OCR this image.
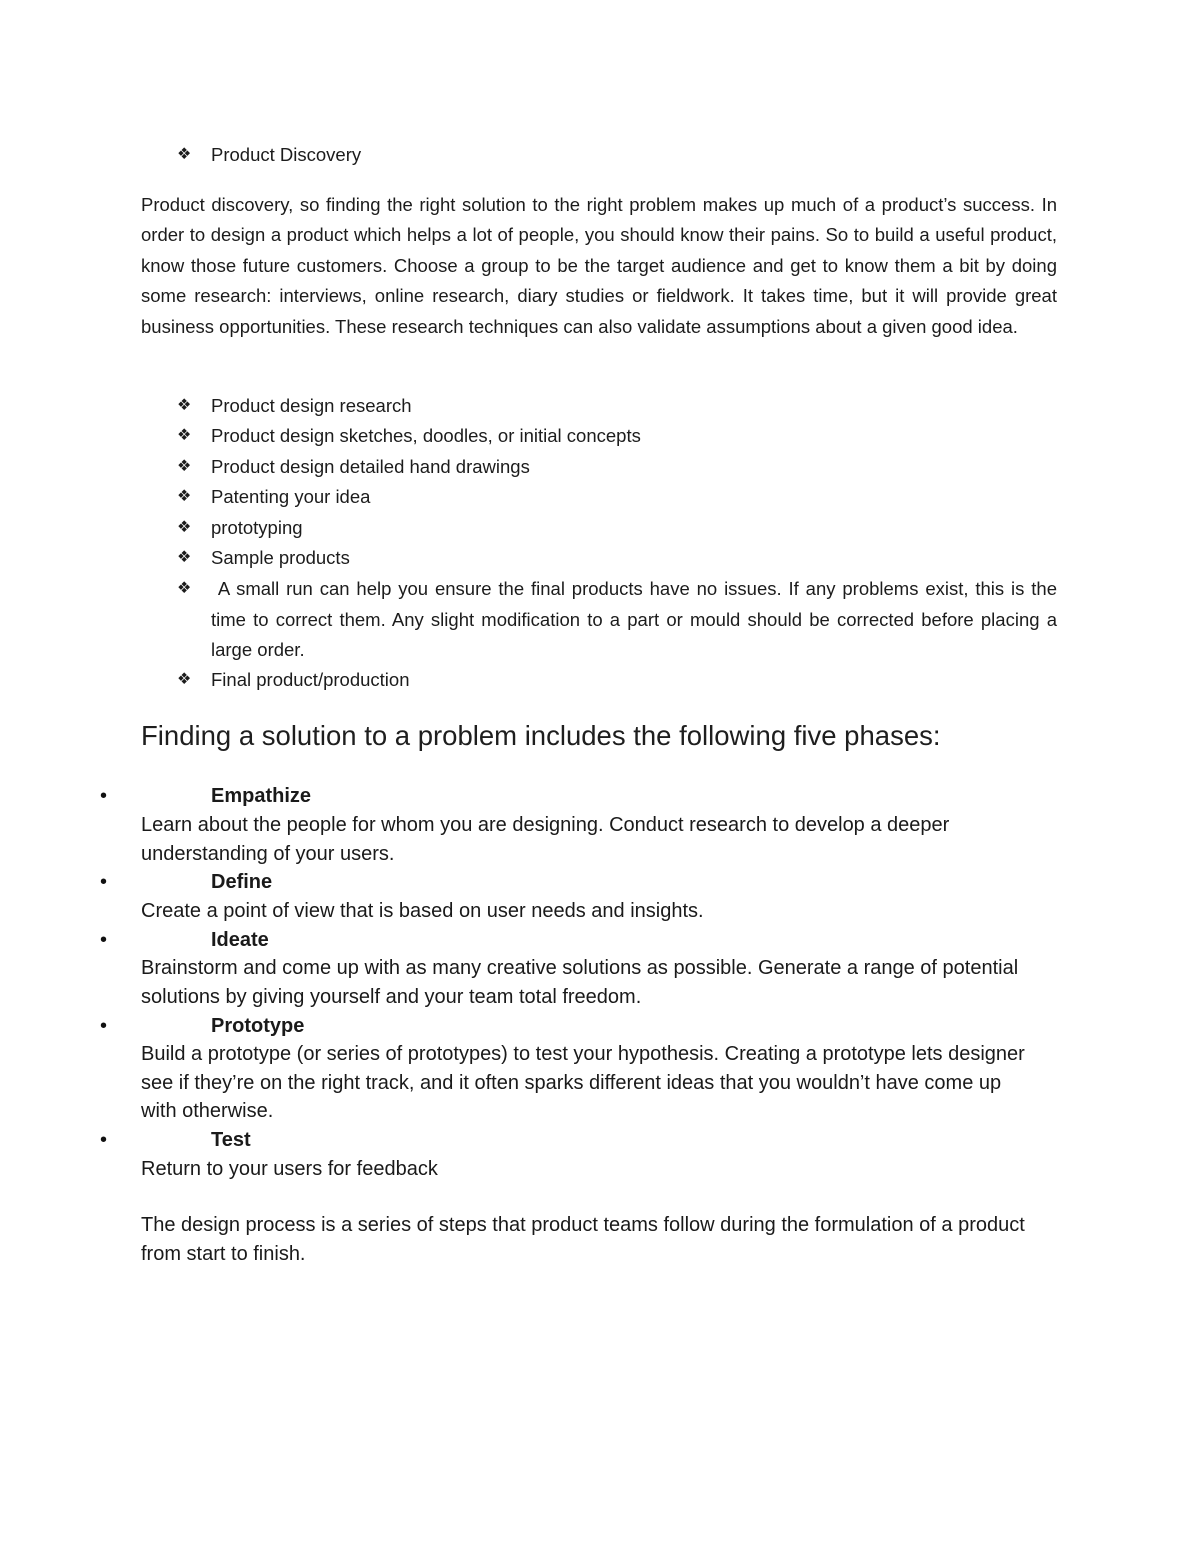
❖	Product Discovery
Product discovery, so finding the right solution to the right problem makes up much of a product’s success. In order to design a product which helps a lot of people, you should know their pains. So to build a useful product, know those future customers. Choose a group to be the target audience and get to know them a bit by doing some research: interviews, online research, diary studies or fieldwork. It takes time, but it will provide great business opportunities. These research techniques can also validate assumptions about a given good idea.
❖	Product design research
❖	Product design sketches, doodles, or initial concepts
❖	Product design detailed hand drawings
❖	Patenting your idea
❖	prototyping
❖	Sample products
❖	A small run can help you ensure the final products have no issues. If any problems exist, this is the time to correct them. Any slight modification to a part or mould should be corrected before placing a large order.
❖	Final product/production
Finding a solution to a problem includes the following five phases:
•	Empathize
Learn about the people for whom you are designing. Conduct research to develop a deeper understanding of your users.
•	Define
Create a point of view that is based on user needs and insights.
•	Ideate
Brainstorm and come up with as many creative solutions as possible. Generate a range of potential solutions by giving yourself and your team total freedom.
•	Prototype
Build a prototype (or series of prototypes) to test your hypothesis. Creating a prototype lets designer see if they’re on the right track, and it often sparks different ideas that you wouldn’t have come up with otherwise.
•	Test
Return to your users for feedback
The design process is a series of steps that product teams follow during the formulation of a product from start to finish.
